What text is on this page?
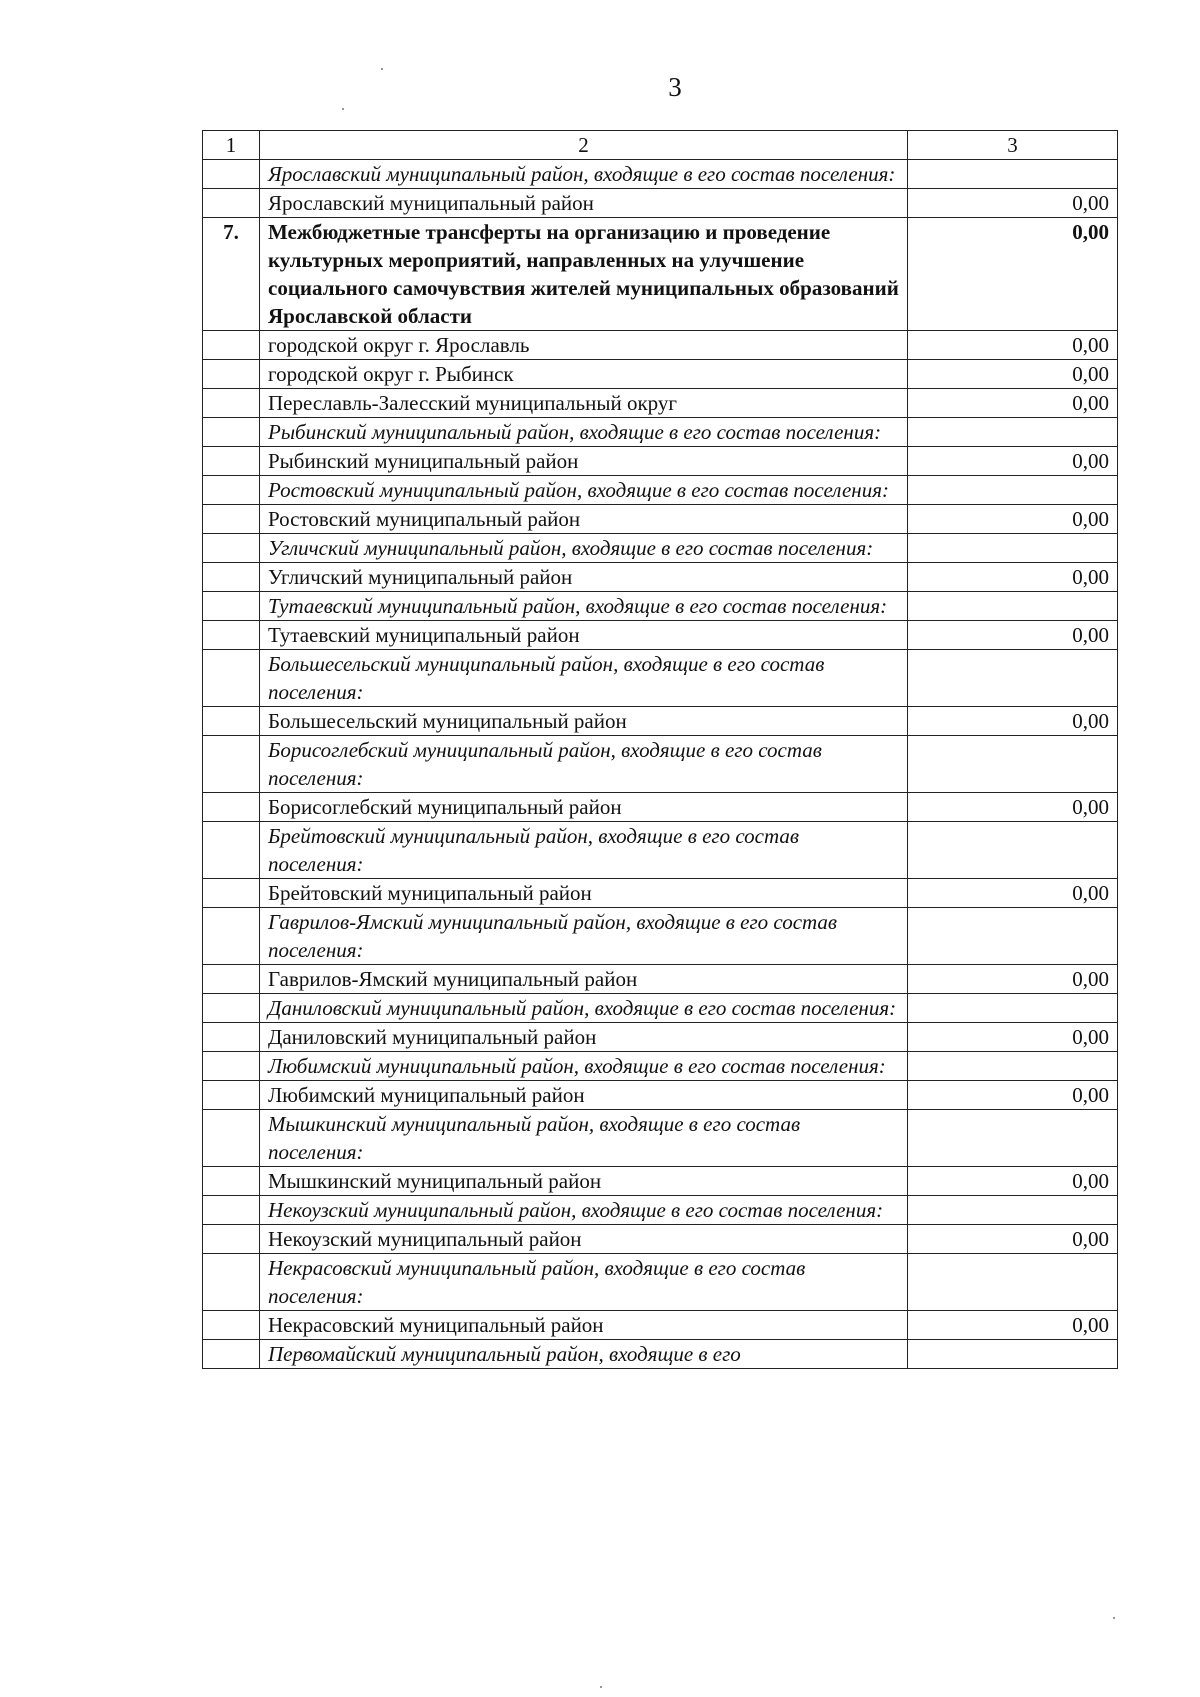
3
1	2	3
	Ярославский муниципальный район, входящие в его состав поселения:	
	Ярославский муниципальный район	0,00
7.	Межбюджетные трансферты на организацию и проведение культурных мероприятий, направленных на улучшение социального самочувствия жителей муниципальных образований Ярославской области	0,00
	городской округ г. Ярославль	0,00
	городской округ г. Рыбинск	0,00
	Переславль-Залесский муниципальный округ	0,00
	Рыбинский муниципальный район, входящие в его состав поселения:	
	Рыбинский муниципальный район	0,00
	Ростовский муниципальный район, входящие в его состав поселения:	
	Ростовский муниципальный район	0,00
	Угличский муниципальный район, входящие в его состав поселения:	
	Угличский муниципальный район	0,00
	Тутаевский муниципальный район, входящие в его состав поселения:	
	Тутаевский муниципальный район	0,00
	Большесельский муниципальный район, входящие в его состав поселения:	
	Большесельский муниципальный район	0,00
	Борисоглебский муниципальный район, входящие в его состав поселения:	
	Борисоглебский муниципальный район	0,00
	Брейтовский муниципальный район, входящие в его состав поселения:	
	Брейтовский муниципальный район	0,00
	Гаврилов-Ямский муниципальный район, входящие в его состав поселения:	
	Гаврилов-Ямский муниципальный район	0,00
	Даниловский муниципальный район, входящие в его состав поселения:	
	Даниловский муниципальный район	0,00
	Любимский муниципальный район, входящие в его состав поселения:	
	Любимский муниципальный район	0,00
	Мышкинский муниципальный район, входящие в его состав поселения:	
	Мышкинский муниципальный район	0,00
	Некоузский муниципальный район, входящие в его состав поселения:	
	Некоузский муниципальный район	0,00
	Некрасовский муниципальный район, входящие в его состав поселения:	
	Некрасовский муниципальный район	0,00
	Первомайский муниципальный район, входящие в его	
